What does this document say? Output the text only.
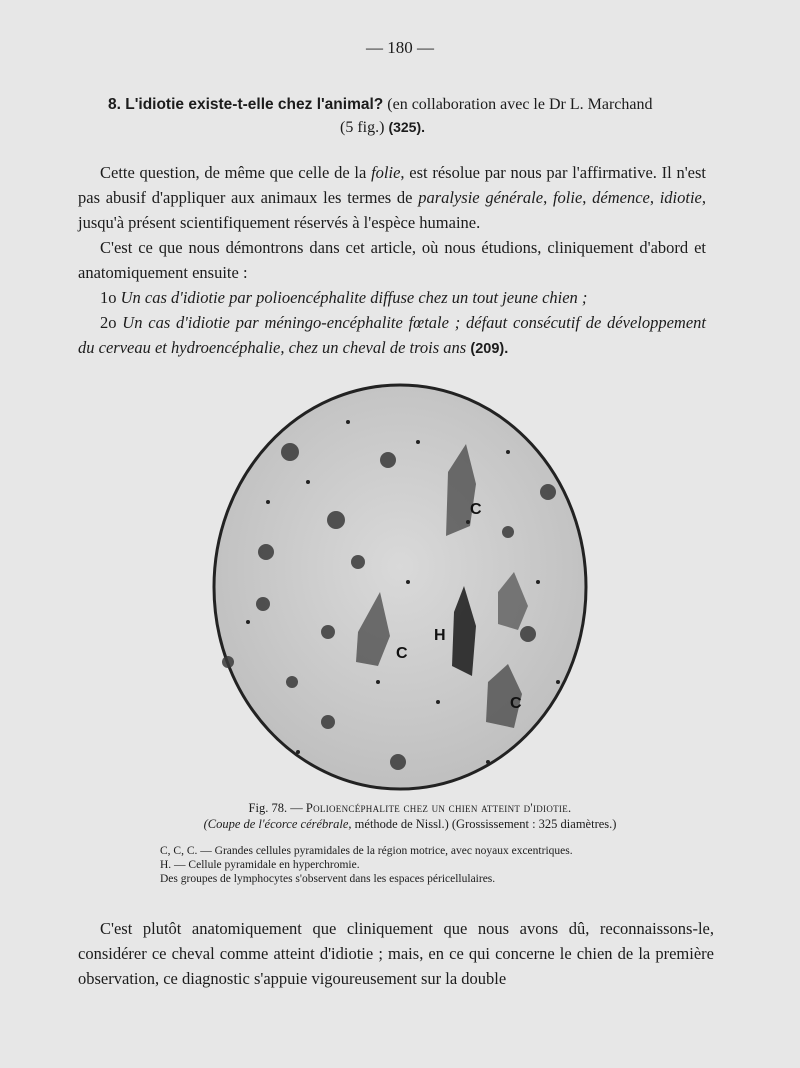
— 180 —
8. L'idiotie existe-t-elle chez l'animal? (en collaboration avec le Dr L. Marchand
(5 fig.) (325).

Cette question, de même que celle de la folie, est résolue par nous par l'affirmative. Il n'est pas abusif d'appliquer aux animaux les termes de paralysie générale, folie, démence, idiotie, jusqu'à présent scientifiquement réservés à l'espèce humaine.

C'est ce que nous démontrons dans cet article, où nous étudions, cliniquement d'abord et anatomiquement ensuite :

1o Un cas d'idiotie par polioencéphalite diffuse chez un tout jeune chien ;

2o Un cas d'idiotie par méningo-encéphalite fœtale ; défaut consécutif de développement du cerveau et hydroencéphalie, chez un cheval de trois ans (209).

C
H
C
C
Fig. 78. — Polioencéphalite chez un chien atteint d'idiotie.
(Coupe de l'écorce cérébrale, méthode de Nissl.) (Grossissement : 325 diamètres.)
C, C, C. — Grandes cellules pyramidales de la région motrice, avec noyaux excentriques.
H. — Cellule pyramidale en hyperchromie.
Des groupes de lymphocytes s'observent dans les espaces péricellulaires.

C'est plutôt anatomiquement que cliniquement que nous avons dû, reconnaissons-le, considérer ce cheval comme atteint d'idiotie ; mais, en ce qui concerne le chien de la première observation, ce diagnostic s'appuie vigoureusement sur la double
